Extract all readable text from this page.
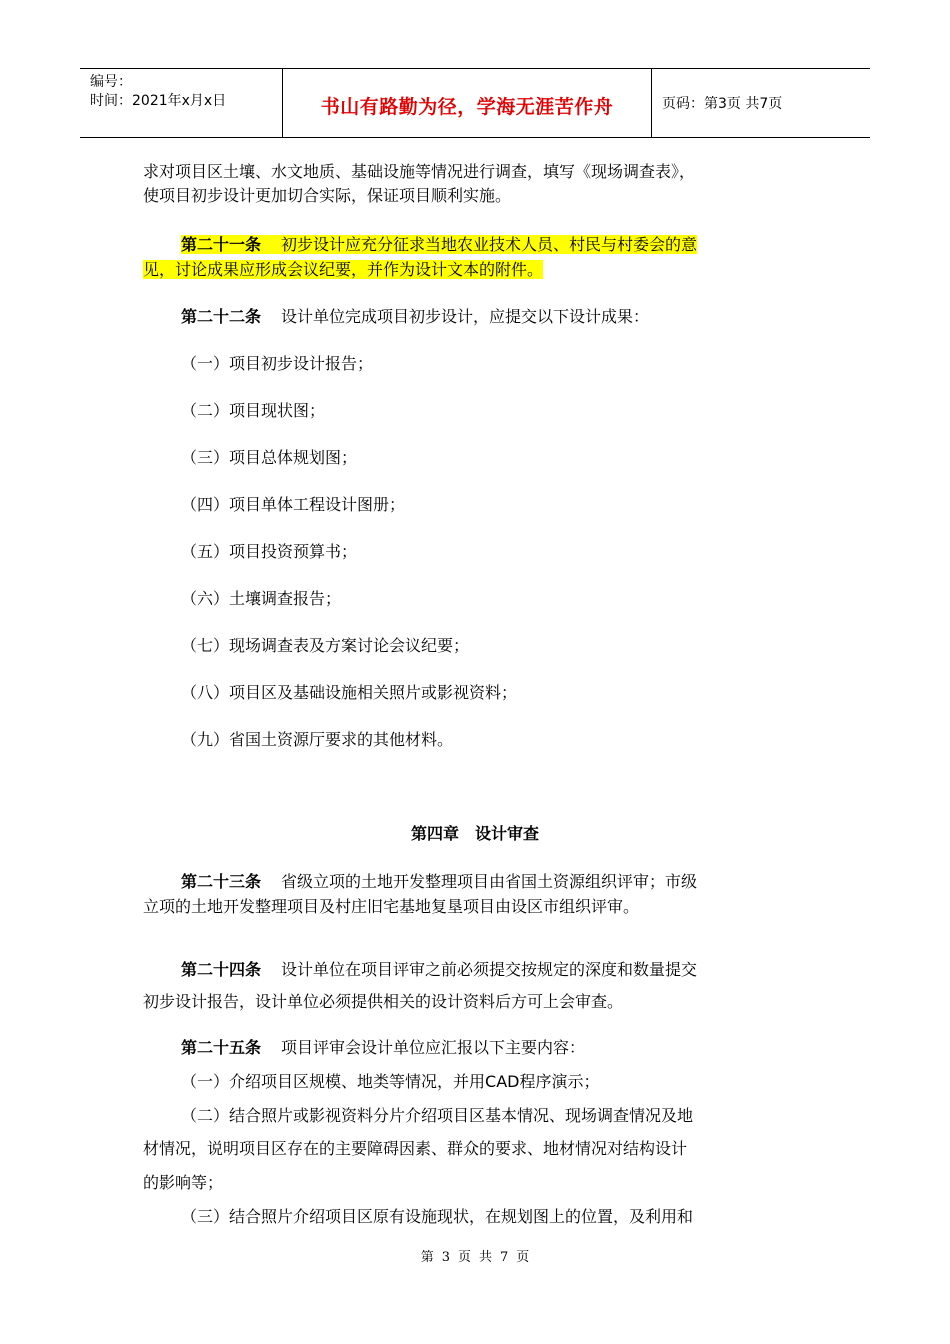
编号：
时间：2021年x月x日	书山有路勤为径，学海无涯苦作舟	页码：第3页 共7页
求对项目区土壤、水文地质、基础设施等情况进行调查，填写《现场调查表》，
使项目初步设计更加切合实际，保证项目顺利实施。
第二十一条 初步设计应充分征求当地农业技术人员、村民与村委会的意
见，讨论成果应形成会议纪要，并作为设计文本的附件。
第二十二条 设计单位完成项目初步设计，应提交以下设计成果：
（一）项目初步设计报告；
（二）项目现状图；
（三）项目总体规划图；
（四）项目单体工程设计图册；
（五）项目投资预算书；
（六）土壤调查报告；
（七）现场调查表及方案讨论会议纪要；
（八）项目区及基础设施相关照片或影视资料；
（九）省国土资源厅要求的其他材料。
第四章　设计审查
第二十三条 省级立项的土地开发整理项目由省国土资源组织评审；市级
立项的土地开发整理项目及村庄旧宅基地复垦项目由设区市组织评审。
第二十四条 设计单位在项目评审之前必须提交按规定的深度和数量提交
初步设计报告，设计单位必须提供相关的设计资料后方可上会审查。
第二十五条 项目评审会设计单位应汇报以下主要内容：
（一）介绍项目区规模、地类等情况，并用CAD程序演示；
（二）结合照片或影视资料分片介绍项目区基本情况、现场调查情况及地
材情况，说明项目区存在的主要障碍因素、群众的要求、地材情况对结构设计
的影响等；
（三）结合照片介绍项目区原有设施现状，在规划图上的位置，及利用和
第 3 页 共 7 页
